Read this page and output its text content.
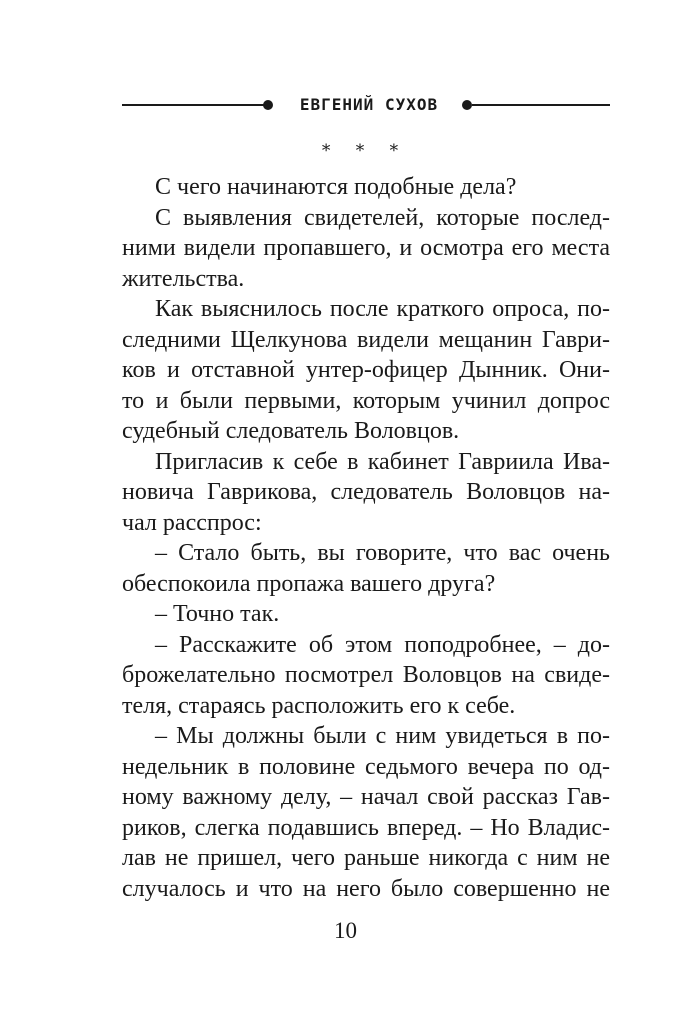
ЕВГЕНИЙ СУХОВ
* * *

С чего начинаются подобные дела?

С выявления свидетелей, которые послед-
ними видели пропавшего, и осмотра его места
жительства.

Как выяснилось после краткого опроса, по-
следними Щелкунова видели мещанин Гаври-
ков и отставной унтер-офицер Дынник. Они-
то и были первыми, которым учинил допрос
судебный следователь Воловцов.

Пригласив к себе в кабинет Гавриила Ива-
новича Гаврикова, следователь Воловцов на-
чал расспрос:

– Стало быть, вы говорите, что вас очень
обеспокоила пропажа вашего друга?

– Точно так.

– Расскажите об этом поподробнее, – до-
брожелательно посмотрел Воловцов на свиде-
теля, стараясь расположить его к себе.

– Мы должны были с ним увидеться в по-
недельник в половине седьмого вечера по од-
ному важному делу, – начал свой рассказ Гав-
риков, слегка подавшись вперед. – Но Владис-
лав не пришел, чего раньше никогда с ним не
случалось и что на него было совершенно не

10
